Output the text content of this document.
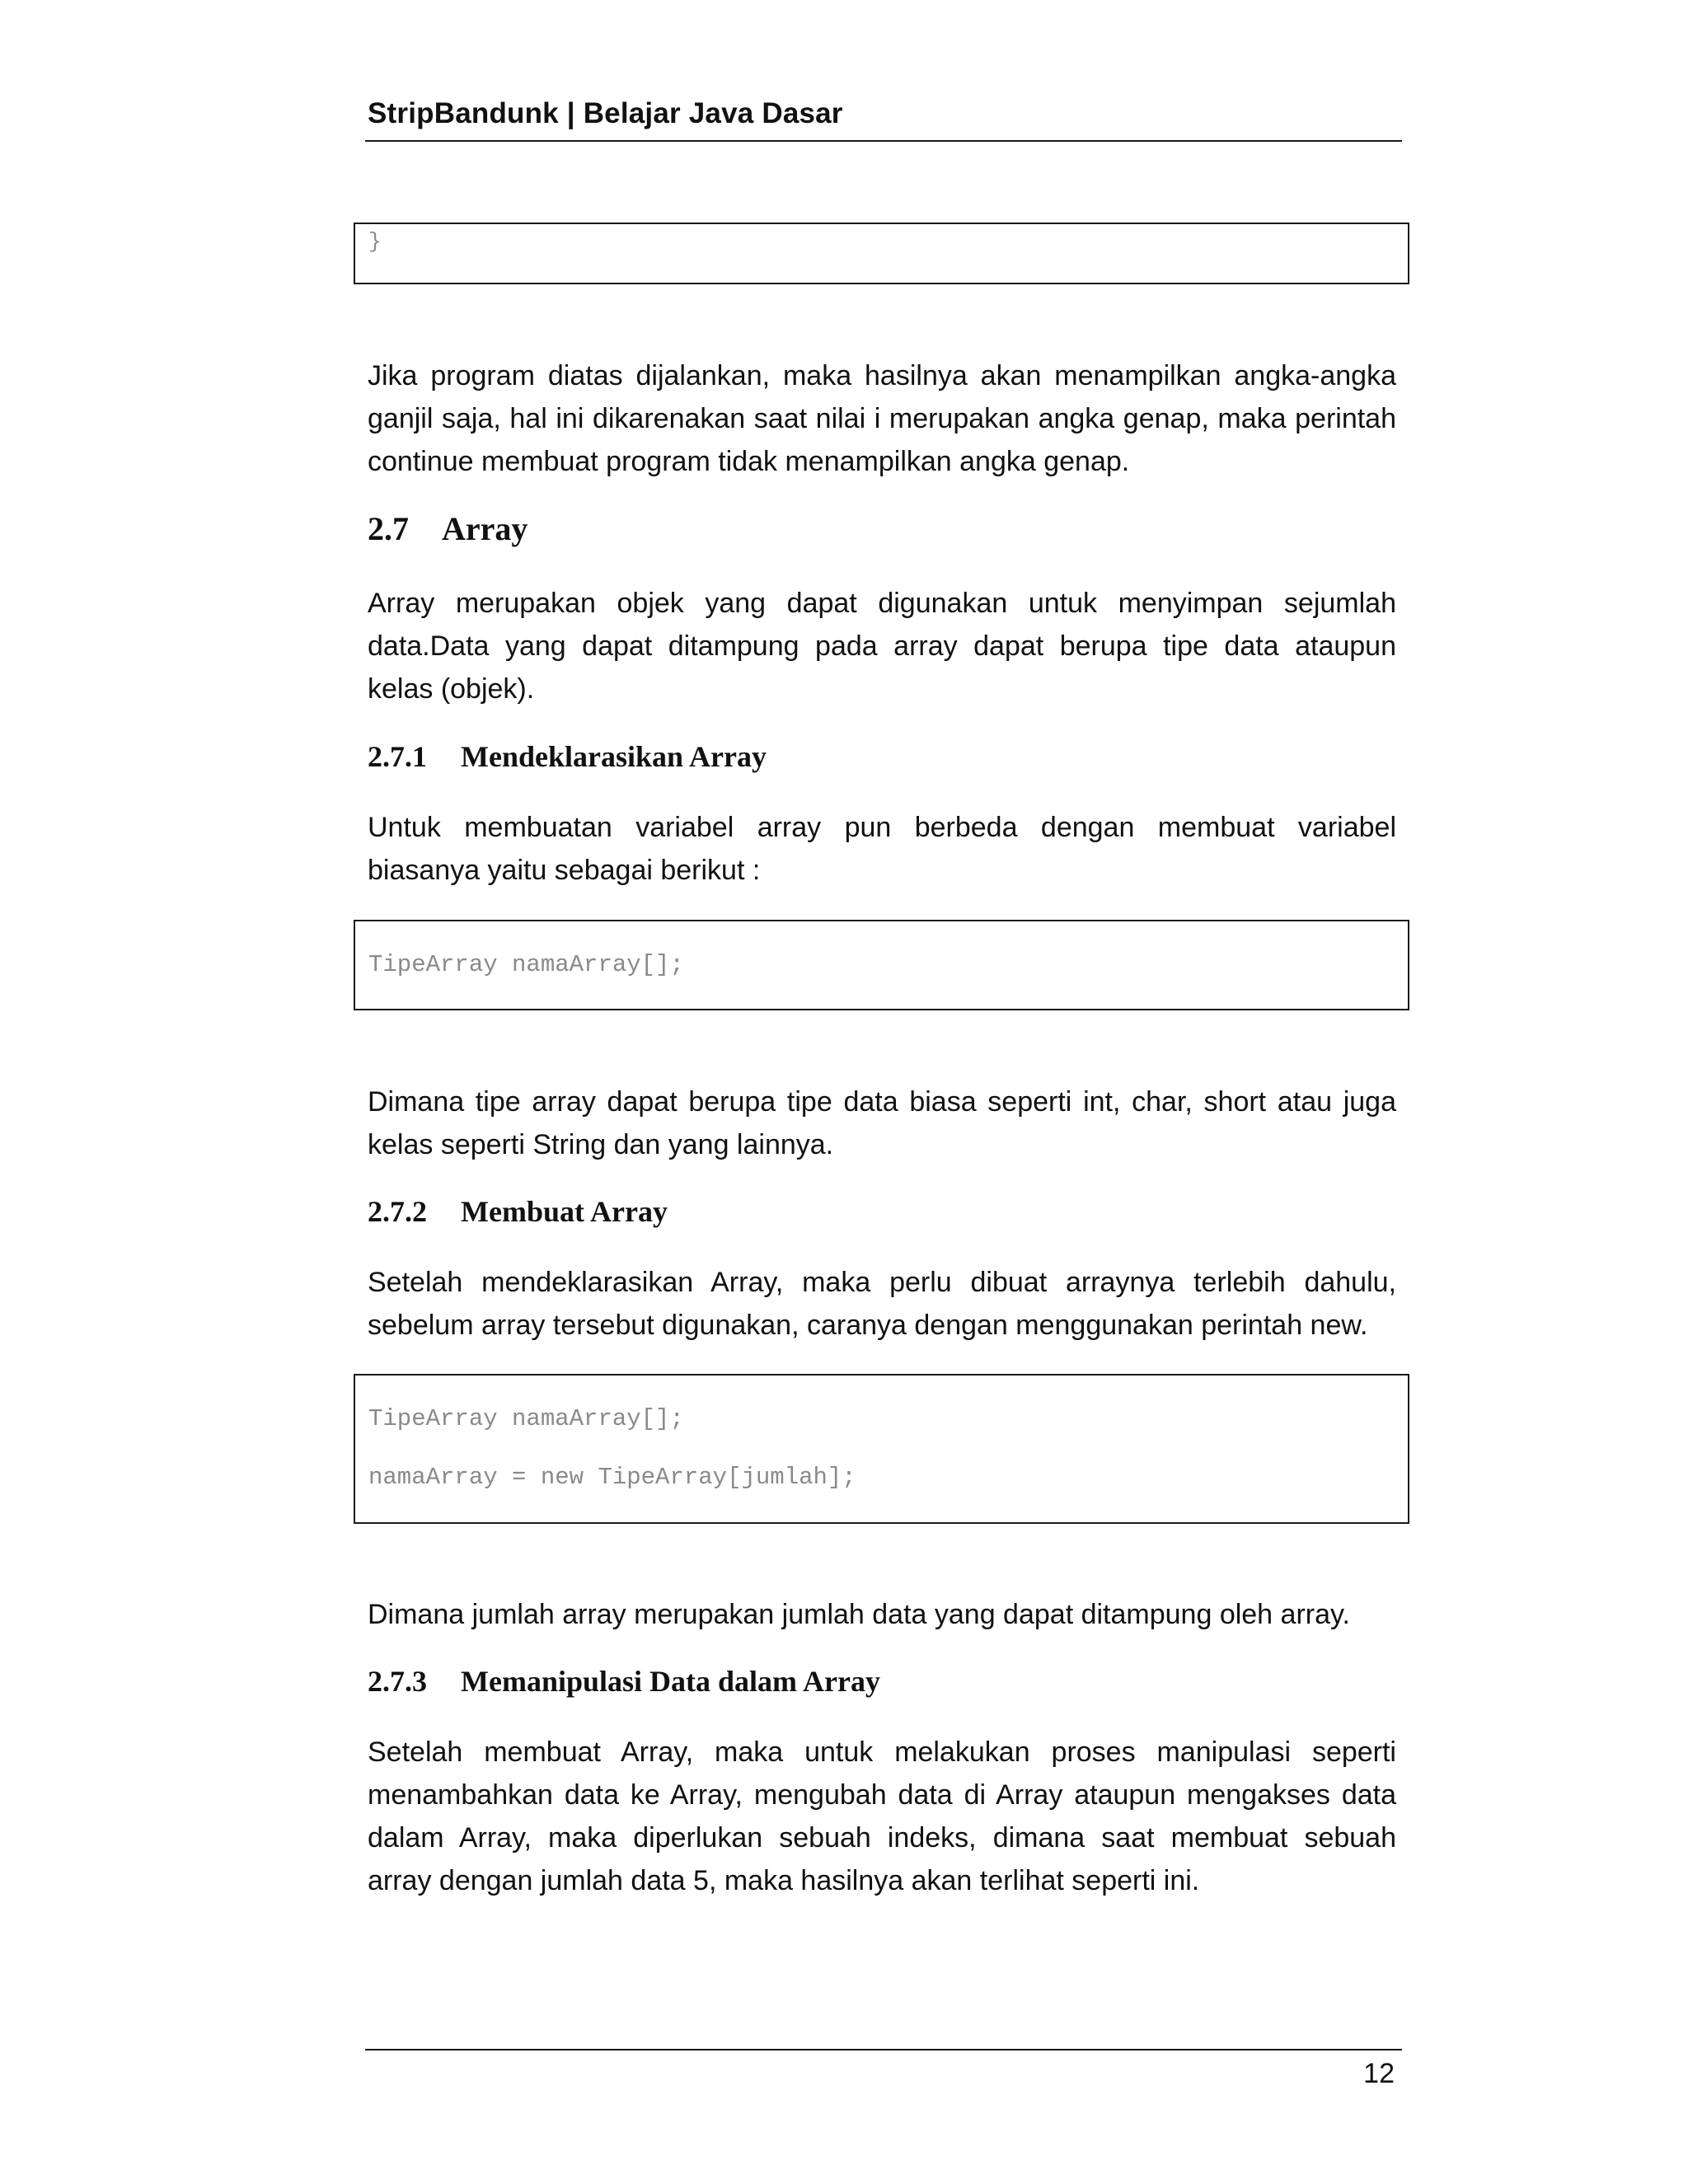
StripBandunk | Belajar Java Dasar
}
Jika program diatas dijalankan, maka hasilnya akan menampilkan angka-angka
ganjil saja, hal ini dikarenakan saat nilai i merupakan angka genap, maka perintah
continue membuat program tidak menampilkan angka genap.
2.7 Array
Array merupakan objek yang dapat digunakan untuk menyimpan sejumlah
data.Data yang dapat ditampung pada array dapat berupa tipe data ataupun
kelas (objek).
2.7.1 Mendeklarasikan Array
Untuk membuatan variabel array pun berbeda dengan membuat variabel
biasanya yaitu sebagai berikut :
TipeArray namaArray[];
Dimana tipe array dapat berupa tipe data biasa seperti int, char, short atau juga
kelas seperti String dan yang lainnya.
2.7.2 Membuat Array
Setelah mendeklarasikan Array, maka perlu dibuat arraynya terlebih dahulu,
sebelum array tersebut digunakan, caranya dengan menggunakan perintah new.
TipeArray namaArray[];
namaArray = new TipeArray[jumlah];
Dimana jumlah array merupakan jumlah data yang dapat ditampung oleh array.
2.7.3 Memanipulasi Data dalam Array
Setelah membuat Array, maka untuk melakukan proses manipulasi seperti
menambahkan data ke Array, mengubah data di Array ataupun mengakses data
dalam Array, maka diperlukan sebuah indeks, dimana saat membuat sebuah
array dengan jumlah data 5, maka hasilnya akan terlihat seperti ini.
12
